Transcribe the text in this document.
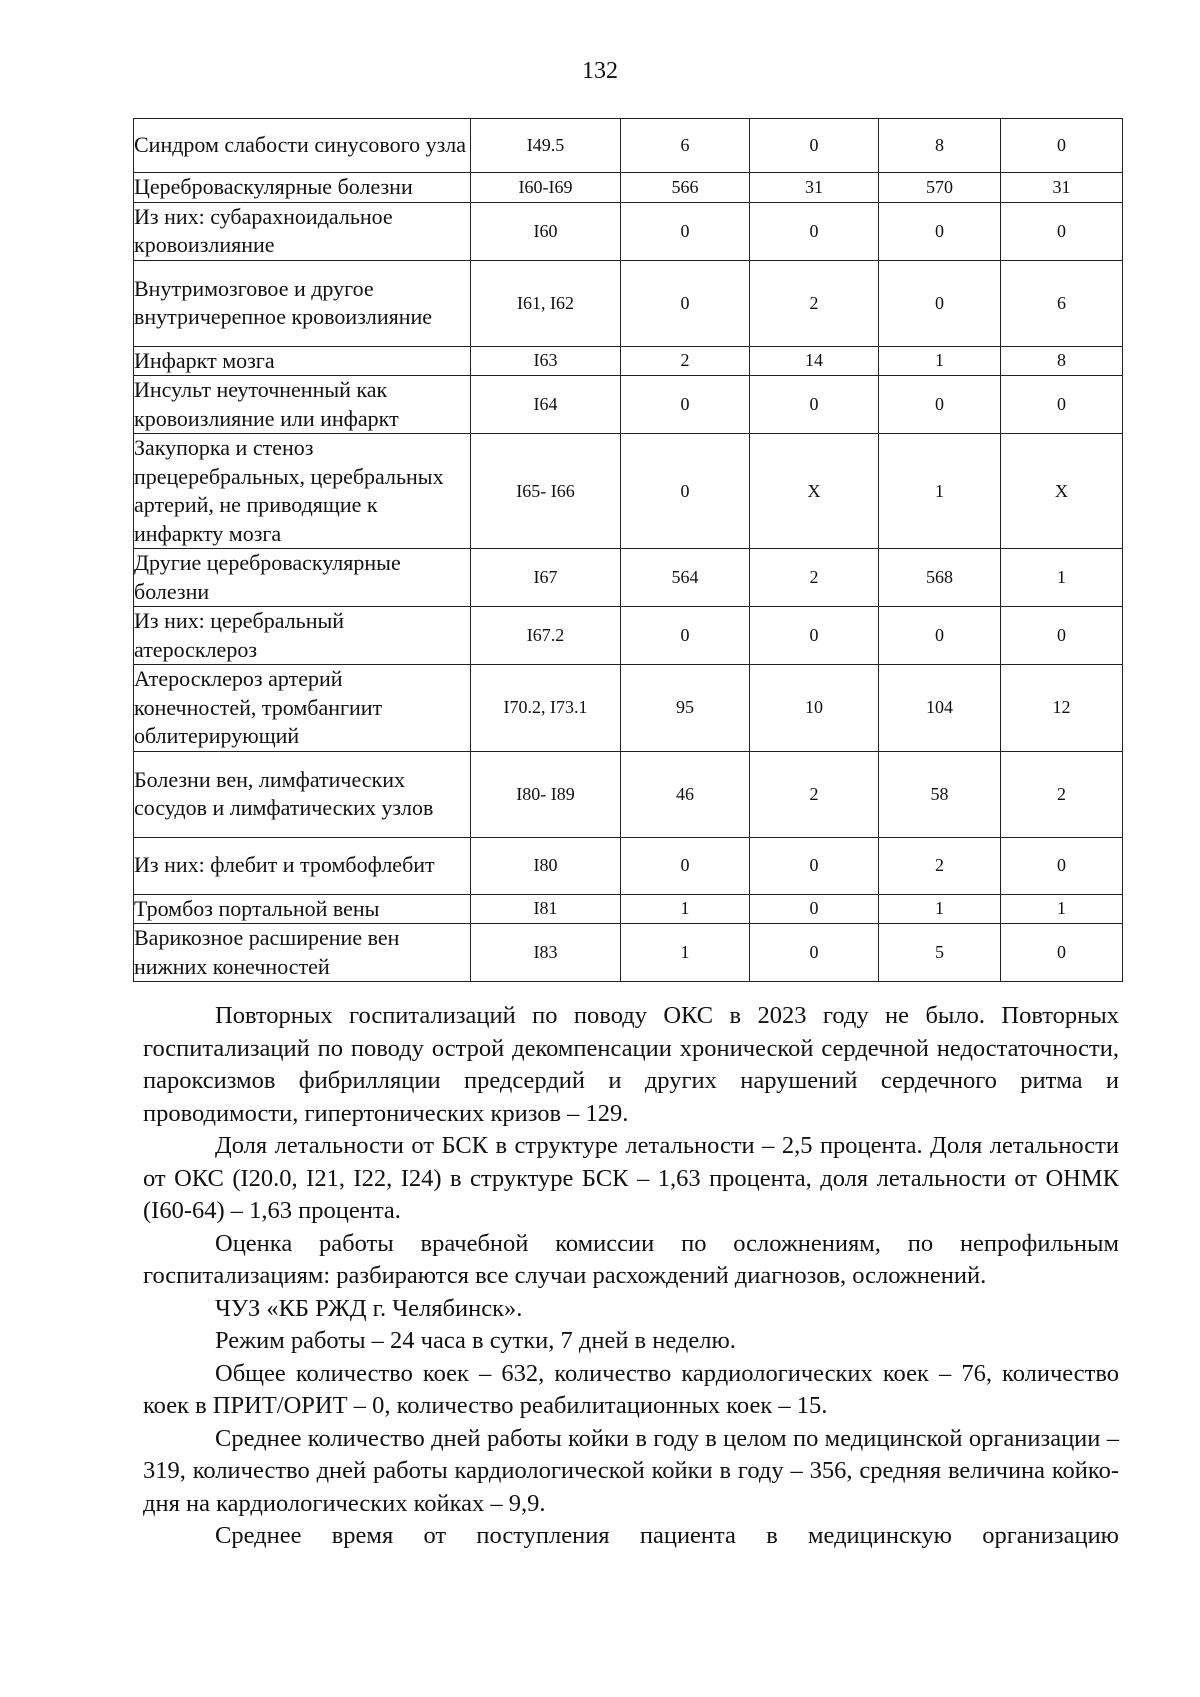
132
Синдром слабости синусового узла	I49.5	6	0	8	0
Цереброваскулярные болезни	I60-I69	566	31	570	31
Из них: субарахноидальное кровоизлияние	I60	0	0	0	0
Внутримозговое и другое внутричерепное кровоизлияние	I61, I62	0	2	0	6
Инфаркт мозга	I63	2	14	1	8
Инсульт неуточненный как кровоизлияние или инфаркт	I64	0	0	0	0
Закупорка и стеноз прецеребральных, церебральных артерий, не приводящие к инфаркту мозга	I65- I66	0	Х	1	Х
Другие цереброваскулярные болезни	I67	564	2	568	1
Из них: церебральный атеросклероз	I67.2	0	0	0	0
Атеросклероз артерий конечностей, тромбангиит облитерирующий	I70.2, I73.1	95	10	104	12
Болезни вен, лимфатических сосудов и лимфатических узлов	I80- I89	46	2	58	2
Из них: флебит и тромбофлебит	I80	0	0	2	0
Тромбоз портальной вены	I81	1	0	1	1
Варикозное расширение вен нижних конечностей	I83	1	0	5	0

Повторных госпитализаций по поводу ОКС в 2023 году не было. Повторных госпитализаций по поводу острой декомпенсации хронической сердечной недостаточности, пароксизмов фибрилляции предсердий и других нарушений сердечного ритма и проводимости, гипертонических кризов – 129.

Доля летальности от БСК в структуре летальности – 2,5 процента. Доля летальности от ОКС (I20.0, I21, I22, I24) в структуре БСК – 1,63 процента, доля летальности от ОНМК (I60-64) – 1,63 процента.

Оценка работы врачебной комиссии по осложнениям, по непрофильным госпитализациям: разбираются все случаи расхождений диагнозов, осложнений.

ЧУЗ «КБ РЖД г. Челябинск».

Режим работы – 24 часа в сутки, 7 дней в неделю.

Общее количество коек – 632, количество кардиологических коек – 76, количество коек в ПРИТ/ОРИТ – 0, количество реабилитационных коек – 15.

Среднее количество дней работы койки в году в целом по медицинской организации – 319, количество дней работы кардиологической койки в году – 356, средняя величина койко-дня на кардиологических койках – 9,9.

Среднее время от поступления пациента в медицинскую организацию
